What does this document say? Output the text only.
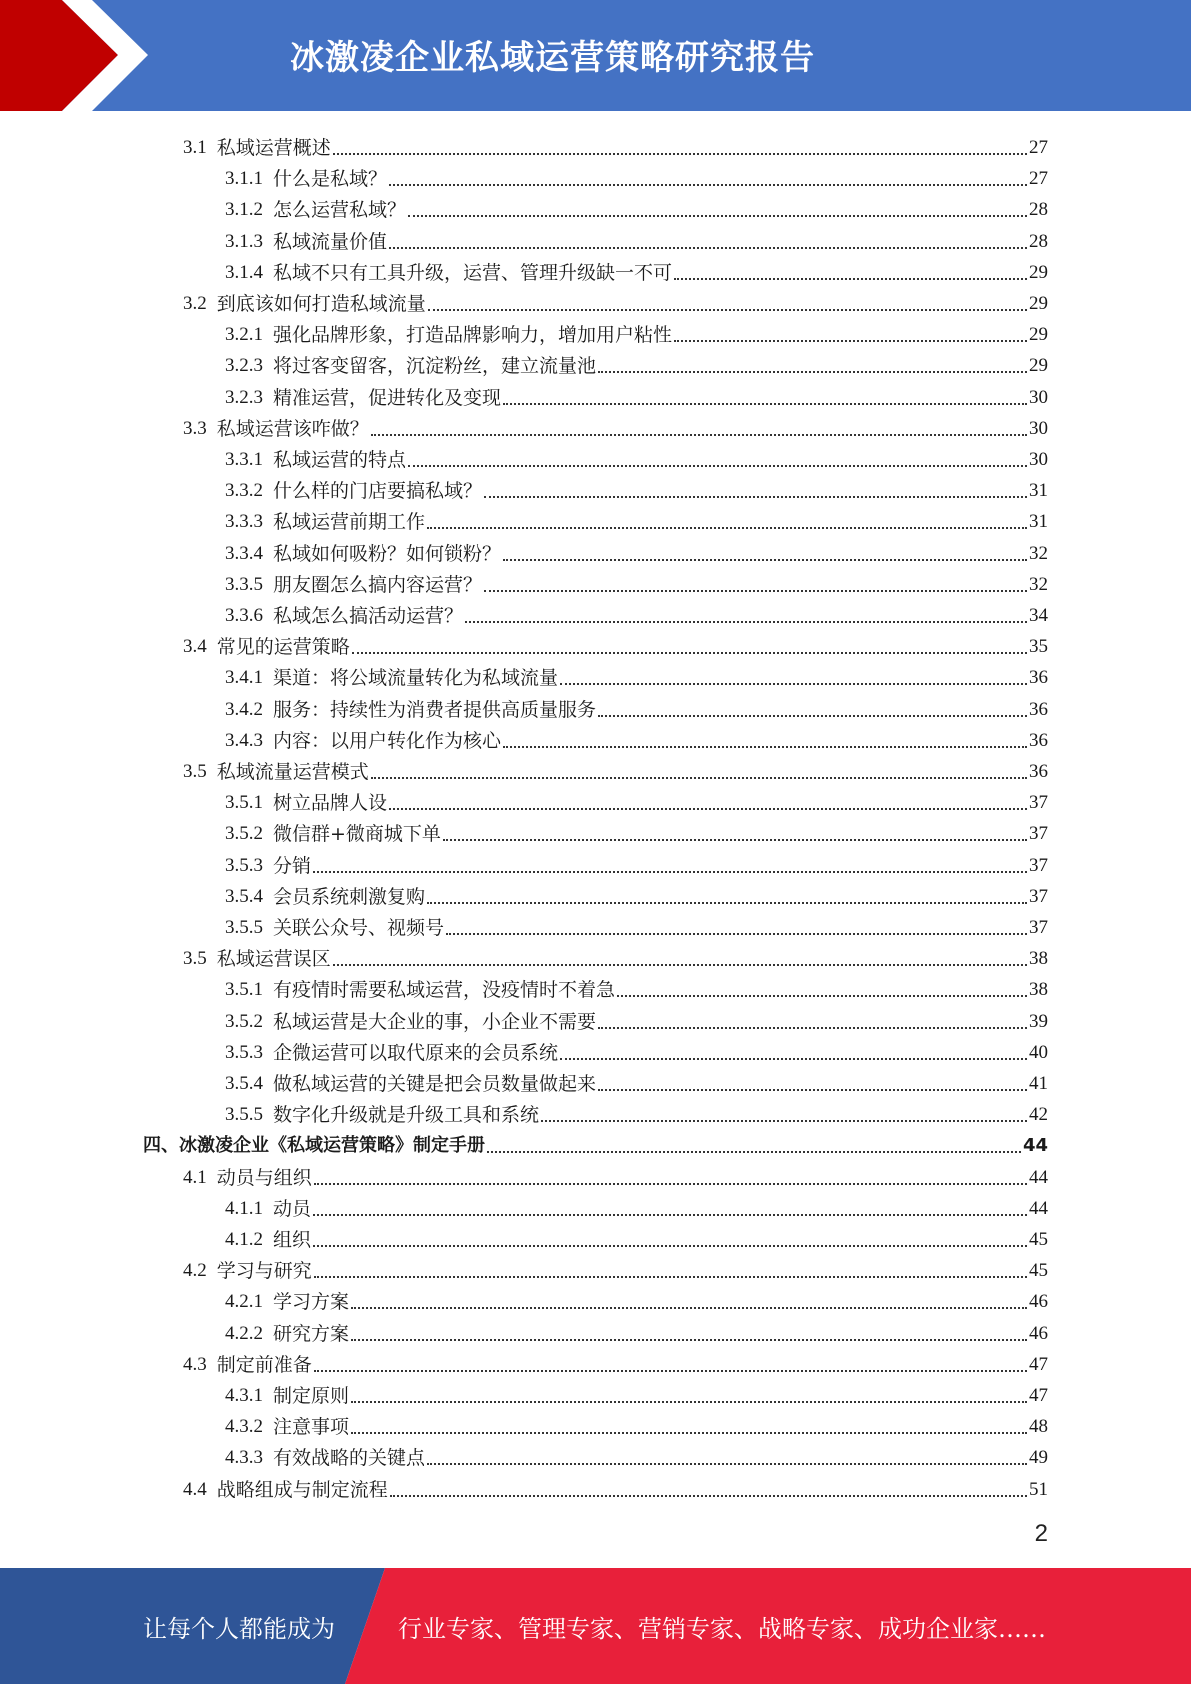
冰激凌企业私域运营策略研究报告
3.1 私域运营概述	27
3.1.1 什么是私域？	27
3.1.2 怎么运营私域？	28
3.1.3 私域流量价值	28
3.1.4 私域不只有工具升级，运营、管理升级缺一不可	29
3.2 到底该如何打造私域流量	29
3.2.1 强化品牌形象，打造品牌影响力，增加用户粘性	29
3.2.3 将过客变留客，沉淀粉丝，建立流量池	29
3.2.3 精准运营，促进转化及变现	30
3.3 私域运营该咋做？	30
3.3.1 私域运营的特点	30
3.3.2 什么样的门店要搞私域？	31
3.3.3 私域运营前期工作	31
3.3.4 私域如何吸粉？如何锁粉？	32
3.3.5 朋友圈怎么搞内容运营？	32
3.3.6 私域怎么搞活动运营？	34
3.4 常见的运营策略	35
3.4.1 渠道：将公域流量转化为私域流量	36
3.4.2 服务：持续性为消费者提供高质量服务	36
3.4.3 内容：以用户转化作为核心	36
3.5 私域流量运营模式	36
3.5.1 树立品牌人设	37
3.5.2 微信群+微商城下单	37
3.5.3 分销	37
3.5.4 会员系统刺激复购	37
3.5.5 关联公众号、视频号	37
3.5 私域运营误区	38
3.5.1 有疫情时需要私域运营，没疫情时不着急	38
3.5.2 私域运营是大企业的事，小企业不需要	39
3.5.3 企微运营可以取代原来的会员系统	40
3.5.4 做私域运营的关键是把会员数量做起来	41
3.5.5 数字化升级就是升级工具和系统	42
四、冰激凌企业《私域运营策略》制定手册	44
4.1 动员与组织	44
4.1.1 动员	44
4.1.2 组织	45
4.2 学习与研究	45
4.2.1 学习方案	46
4.2.2 研究方案	46
4.3 制定前准备	47
4.3.1 制定原则	47
4.3.2 注意事项	48
4.3.3 有效战略的关键点	49
4.4 战略组成与制定流程	51
2
让每个人都能成为	行业专家、管理专家、营销专家、战略专家、成功企业家……
